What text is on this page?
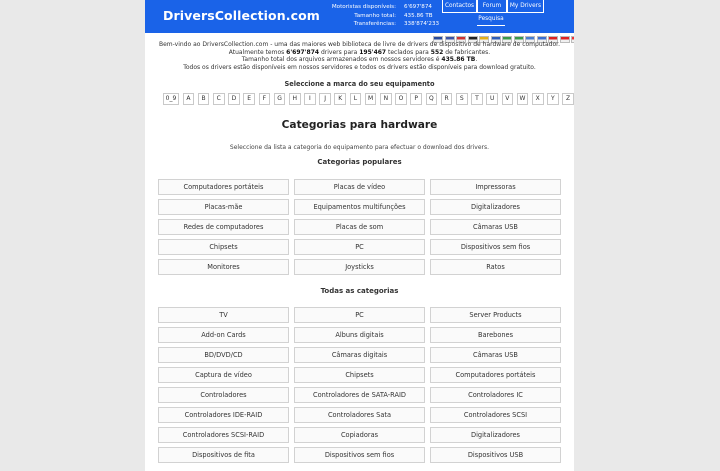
DriversCollection.com
Motoristas disponíveis:	6'697'874
Tamanho total:	435.86 TB
Transferências:	338'874'233
Contactos	Forum	My Drivers
Pesquisa
Bem-vindo ao DriversCollection.com - uma das maiores web biblioteca de livre de drivers de dispositivo de hardware de computador.
Atualmente temos 6'697'874 drivers para 195'467 teclados para 552 de fabricantes.
Tamanho total dos arquivos armazenados em nossos servidores é 435.86 TB.
Todos os drivers estão disponíveis em nossos servidores e todos os drivers estão disponíveis para download gratuito.
Seleccione a marca do seu equipamento
0_9	A	B	C	D	E	F	G	H	I	J	K	L	M	N	O	P	Q	R	S	T	U	V	W	X	Y	Z
Categorias para hardware
Seleccione da lista a categoria do equipamento para efectuar o download dos drivers.
Categorias populares
Computadores portáteis	Placas de vídeo	Impressoras
Placas-mãe	Equipamentos multifunções	Digitalizadores
Redes de computadores	Placas de som	Câmaras USB
Chipsets	PC	Dispositivos sem fios
Monitores	Joysticks	Ratos
Todas as categorias
TV	PC	Server Products
Add-on Cards	Albuns digitais	Barebones
BD/DVD/CD	Câmaras digitais	Câmaras USB
Captura de vídeo	Chipsets	Computadores portáteis
Controladores	Controladores de SATA-RAID	Controladores IC
Controladores IDE-RAID	Controladores Sata	Controladores SCSI
Controladores SCSI-RAID	Copiadoras	Digitalizadores
Dispositivos de fita	Dispositivos sem fios	Dispositivos USB
